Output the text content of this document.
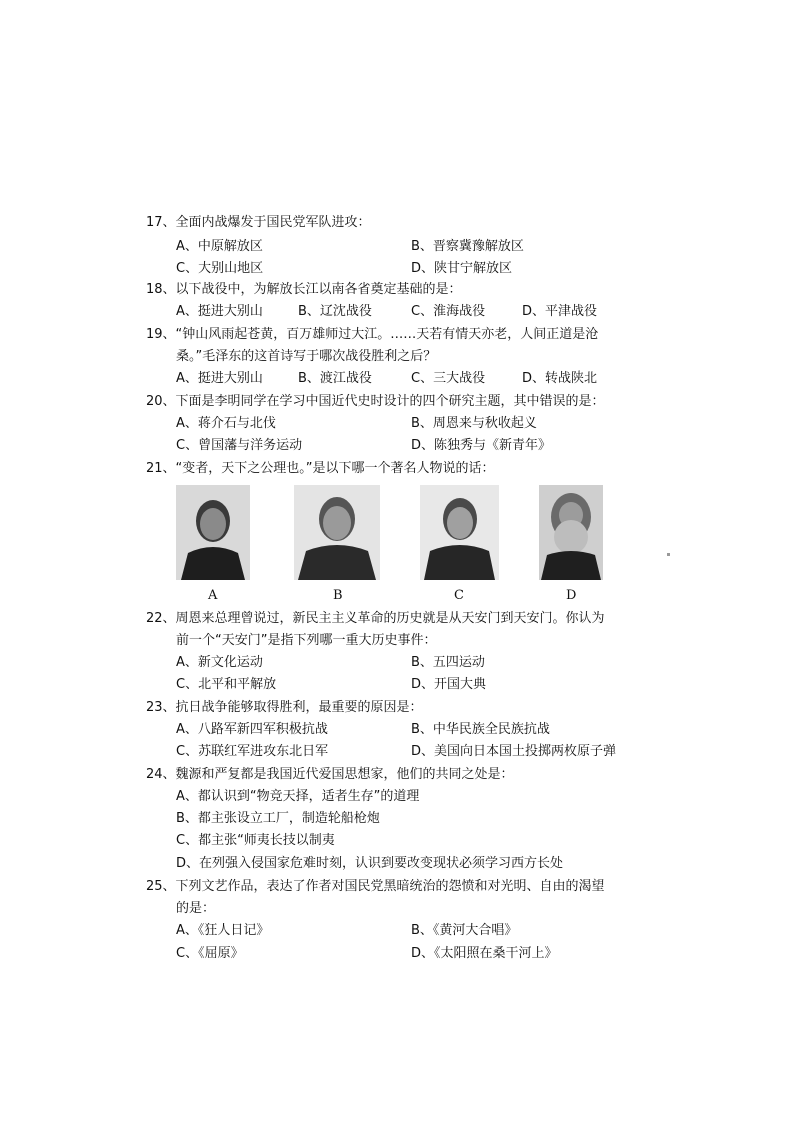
17、全面内战爆发于国民党军队进攻：
A、中原解放区	B、晋察冀豫解放区
C、大别山地区	D、陕甘宁解放区
18、以下战役中，为解放长江以南各省奠定基础的是：
A、挺进大别山	B、辽沈战役	C、淮海战役	D、平津战役
19、“钟山风雨起苍黄，百万雄师过大江。……天若有情天亦老，人间正道是沧
桑。”毛泽东的这首诗写于哪次战役胜利之后？
A、挺进大别山	B、渡江战役	C、三大战役	D、转战陕北
20、下面是李明同学在学习中国近代史时设计的四个研究主题，其中错误的是：
A、蒋介石与北伐	B、周恩来与秋收起义
C、曾国藩与洋务运动	D、陈独秀与《新青年》
21、“变者，天下之公理也。”是以下哪一个著名人物说的话：
A	B	C	D
22、周恩来总理曾说过，新民主主义革命的历史就是从天安门到天安门。你认为
前一个“天安门”是指下列哪一重大历史事件：
A、新文化运动	B、五四运动
C、北平和平解放	D、开国大典
23、抗日战争能够取得胜利，最重要的原因是：
A、八路军新四军积极抗战	B、中华民族全民族抗战
C、苏联红军进攻东北日军	D、美国向日本国土投掷两枚原子弹
24、魏源和严复都是我国近代爱国思想家，他们的共同之处是：
A、都认识到“物竞天择，适者生存”的道理
B、都主张设立工厂，制造轮船枪炮
C、都主张“师夷长技以制夷
D、在列强入侵国家危难时刻，认识到要改变现状必须学习西方长处
25、下列文艺作品，表达了作者对国民党黑暗统治的怨愤和对光明、自由的渴望
的是：
A、《狂人日记》	B、《黄河大合唱》
C、《屈原》	D、《太阳照在桑干河上》
